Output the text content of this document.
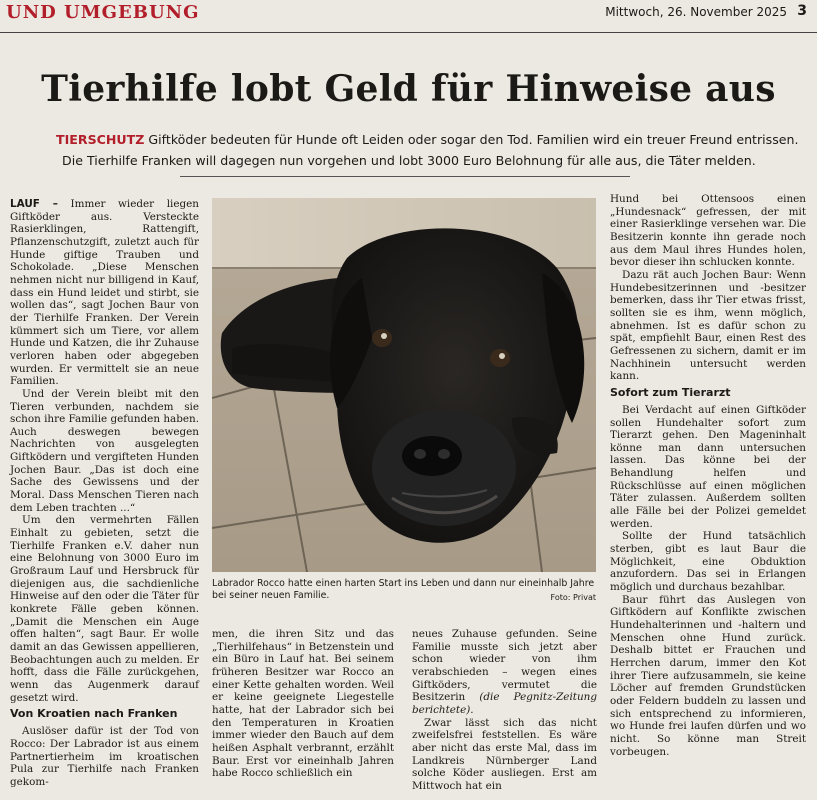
UND UMGEBUNG	Mittwoch, 26. November 2025 3
Tierhilfe lobt Geld für Hinweise aus
TIERSCHUTZ Giftköder bedeuten für Hunde oft Leiden oder sogar den Tod. Familien wird ein treuer Freund entrissen.
Die Tierhilfe Franken will dagegen nun vorgehen und lobt 3000 Euro Belohnung für alle aus, die Täter melden.

LAUF – Immer wieder liegen Giftköder aus. Versteckte Rasierklingen, Rattengift, Pflanzenschutzgift, zuletzt auch für Hunde giftige Trauben und Schokolade. „Diese Menschen nehmen nicht nur billigend in Kauf, dass ein Hund leidet und stirbt, sie wollen das“, sagt Jochen Baur von der Tierhilfe Franken. Der Verein kümmert sich um Tiere, vor allem Hunde und Katzen, die ihr Zuhause verloren haben oder abgegeben wurden. Er vermittelt sie an neue Familien.

Und der Verein bleibt mit den Tieren verbunden, nachdem sie schon ihre Familie gefunden haben. Auch deswegen bewegen Nachrichten von ausgelegten Giftködern und vergifteten Hunden Jochen Baur. „Das ist doch eine Sache des Gewissens und der Moral. Dass Menschen Tieren nach dem Leben trachten ...“

Um den vermehrten Fällen Einhalt zu gebieten, setzt die Tierhilfe Franken e.V. daher nun eine Belohnung von 3000 Euro im Großraum Lauf und Hersbruck für diejenigen aus, die sachdienliche Hinweise auf den oder die Täter für konkrete Fälle geben können. „Damit die Menschen ein Auge offen halten“, sagt Baur. Er wolle damit an das Gewissen appellieren, Beobachtungen auch zu melden. Er hofft, dass die Fälle zurückgehen, wenn das Augenmerk darauf gesetzt wird.

Von Kroatien nach Franken

Auslöser dafür ist der Tod von Rocco: Der Labrador ist aus einem Partnertierheim im kroatischen Pula zur Tierhilfe nach Franken gekom-

Labrador Rocco hatte einen harten Start ins Leben und dann nur eineinhalb Jahre bei seiner neuen Familie.	Foto: Privat

men, die ihren Sitz und das „Tierhilfehaus“ in Betzenstein und ein Büro in Lauf hat. Bei seinem früheren Besitzer war Rocco an einer Kette gehalten worden. Weil er keine geeignete Liegestelle hatte, hat der Labrador sich bei den Temperaturen in Kroatien immer wieder den Bauch auf dem heißen Asphalt verbrannt, erzählt Baur. Erst vor eineinhalb Jahren habe Rocco schließlich ein

neues Zuhause gefunden. Seine Familie musste sich jetzt aber schon wieder von ihm verabschieden – wegen eines Giftköders, vermutet die Besitzerin (die Pegnitz-Zeitung berichtete).

Zwar lässt sich das nicht zweifelsfrei feststellen. Es wäre aber nicht das erste Mal, dass im Landkreis Nürnberger Land solche Köder ausliegen. Erst am Mittwoch hat ein

Hund bei Ottensoos einen „Hundesnack“ gefressen, der mit einer Rasierklinge versehen war. Die Besitzerin konnte ihn gerade noch aus dem Maul ihres Hundes holen, bevor dieser ihn schlucken konnte.

Dazu rät auch Jochen Baur: Wenn Hundebesitzerinnen und -besitzer bemerken, dass ihr Tier etwas frisst, sollten sie es ihm, wenn möglich, abnehmen. Ist es dafür schon zu spät, empfiehlt Baur, einen Rest des Gefressenen zu sichern, damit er im Nachhinein untersucht werden kann.

Sofort zum Tierarzt

Bei Verdacht auf einen Giftköder sollen Hundehalter sofort zum Tierarzt gehen. Den Mageninhalt könne man dann untersuchen lassen. Das könne bei der Behandlung helfen und Rückschlüsse auf einen möglichen Täter zulassen. Außerdem sollten alle Fälle bei der Polizei gemeldet werden.

Sollte der Hund tatsächlich sterben, gibt es laut Baur die Möglichkeit, eine Obduktion anzufordern. Das sei in Erlangen möglich und durchaus bezahlbar.

Baur führt das Auslegen von Giftködern auf Konflikte zwischen Hundehalterinnen und -haltern und Menschen ohne Hund zurück. Deshalb bittet er Frauchen und Herrchen darum, immer den Kot ihrer Tiere aufzusammeln, sie keine Löcher auf fremden Grundstücken oder Feldern buddeln zu lassen und sich entsprechend zu informieren, wo Hunde frei laufen dürfen und wo nicht. So könne man Streit vorbeugen.
